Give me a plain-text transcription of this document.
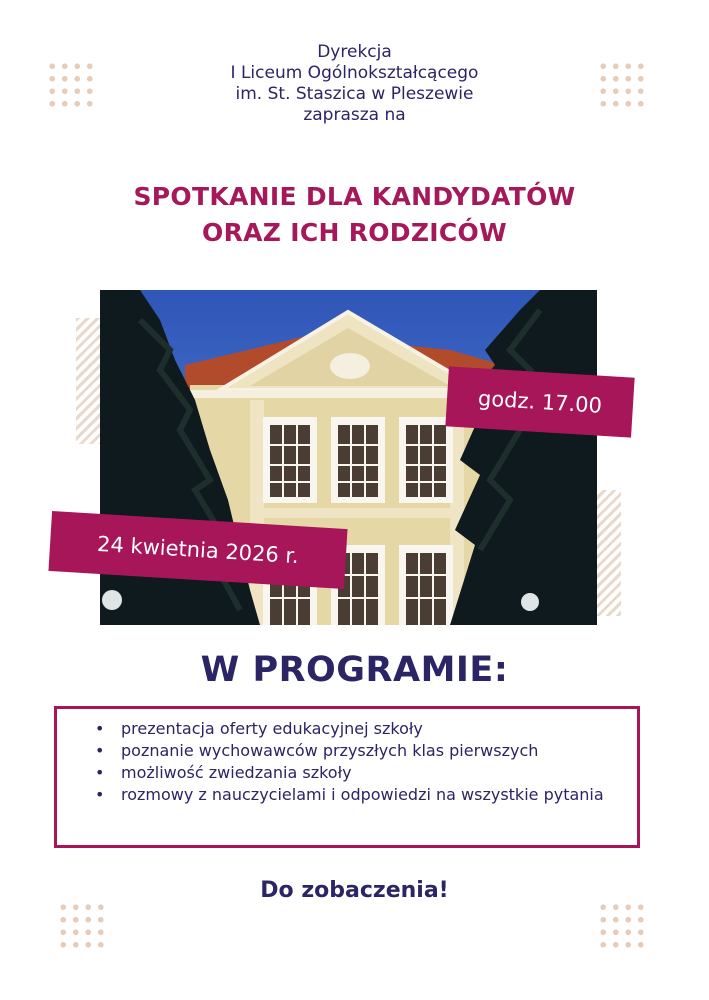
Dyrekcja
I Liceum Ogólnokształcącego
im. St. Staszica w Pleszewie
zaprasza na
SPOTKANIE DLA KANDYDATÓW
ORAZ ICH RODZICÓW
godz. 17.00
24 kwietnia 2026 r.
W PROGRAMIE:
• prezentacja oferty edukacyjnej szkoły
• poznanie wychowawców przyszłych klas pierwszych
• możliwość zwiedzania szkoły
• rozmowy z nauczycielami i odpowiedzi na wszystkie pytania
Do zobaczenia!
